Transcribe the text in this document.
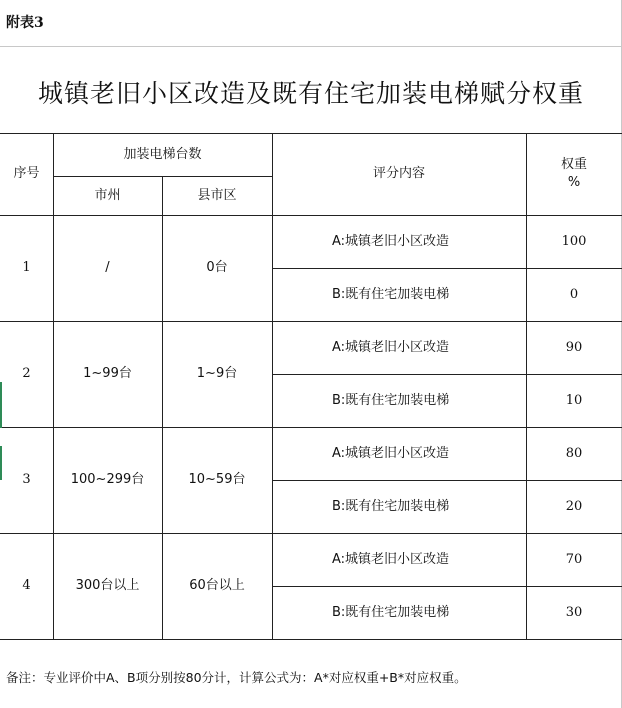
附表3
城镇老旧小区改造及既有住宅加装电梯赋分权重
序号
加装电梯台数
市州	县市区
评分内容
权重
%
1	/	0台
A:城镇老旧小区改造	100
B:既有住宅加装电梯	0
2	1~99台	1~9台
A:城镇老旧小区改造	90
B:既有住宅加装电梯	10
3	100~299台	10~59台
A:城镇老旧小区改造	80
B:既有住宅加装电梯	20
4	300台以上	60台以上
A:城镇老旧小区改造	70
B:既有住宅加装电梯	30
备注：专业评价中A、B项分别按80分计，计算公式为：A*对应权重+B*对应权重。
